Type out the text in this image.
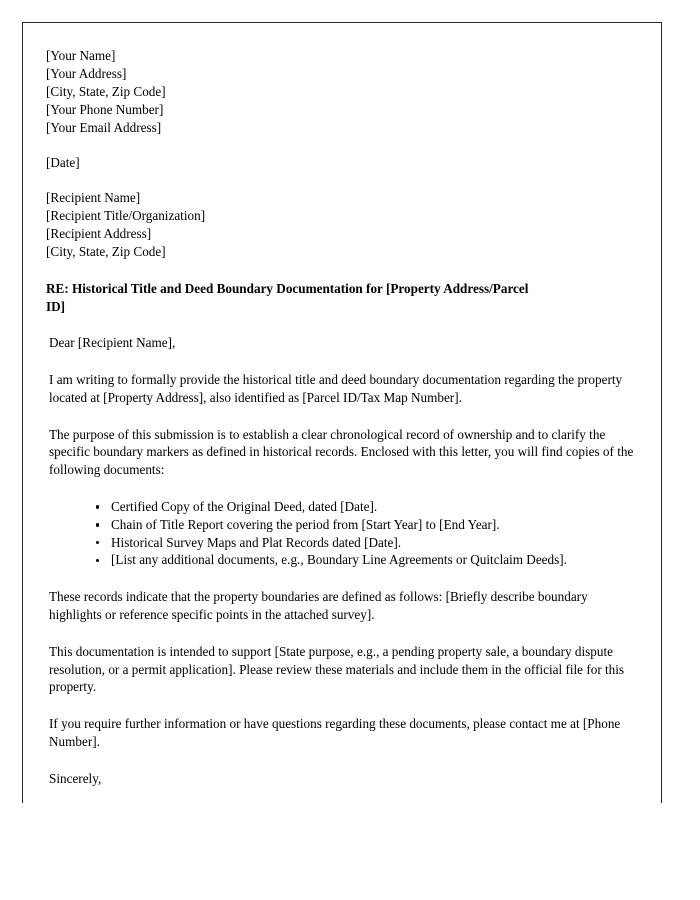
[Your Name]
[Your Address]
[City, State, Zip Code]
[Your Phone Number]
[Your Email Address]
[Date]
[Recipient Name]
[Recipient Title/Organization]
[Recipient Address]
[City, State, Zip Code]

RE: Historical Title and Deed Boundary Documentation for [Property Address/Parcel ID]

Dear [Recipient Name],

I am writing to formally provide the historical title and deed boundary documentation regarding the property located at [Property Address], also identified as [Parcel ID/Tax Map Number].

The purpose of this submission is to establish a clear chronological record of ownership and to clarify the specific boundary markers as defined in historical records. Enclosed with this letter, you will find copies of the following documents:

Certified Copy of the Original Deed, dated [Date].
Chain of Title Report covering the period from [Start Year] to [End Year].
Historical Survey Maps and Plat Records dated [Date].
[List any additional documents, e.g., Boundary Line Agreements or Quitclaim Deeds].

These records indicate that the property boundaries are defined as follows: [Briefly describe boundary highlights or reference specific points in the attached survey].

This documentation is intended to support [State purpose, e.g., a pending property sale, a boundary dispute resolution, or a permit application]. Please review these materials and include them in the official file for this property.

If you require further information or have questions regarding these documents, please contact me at [Phone Number].

Sincerely,
